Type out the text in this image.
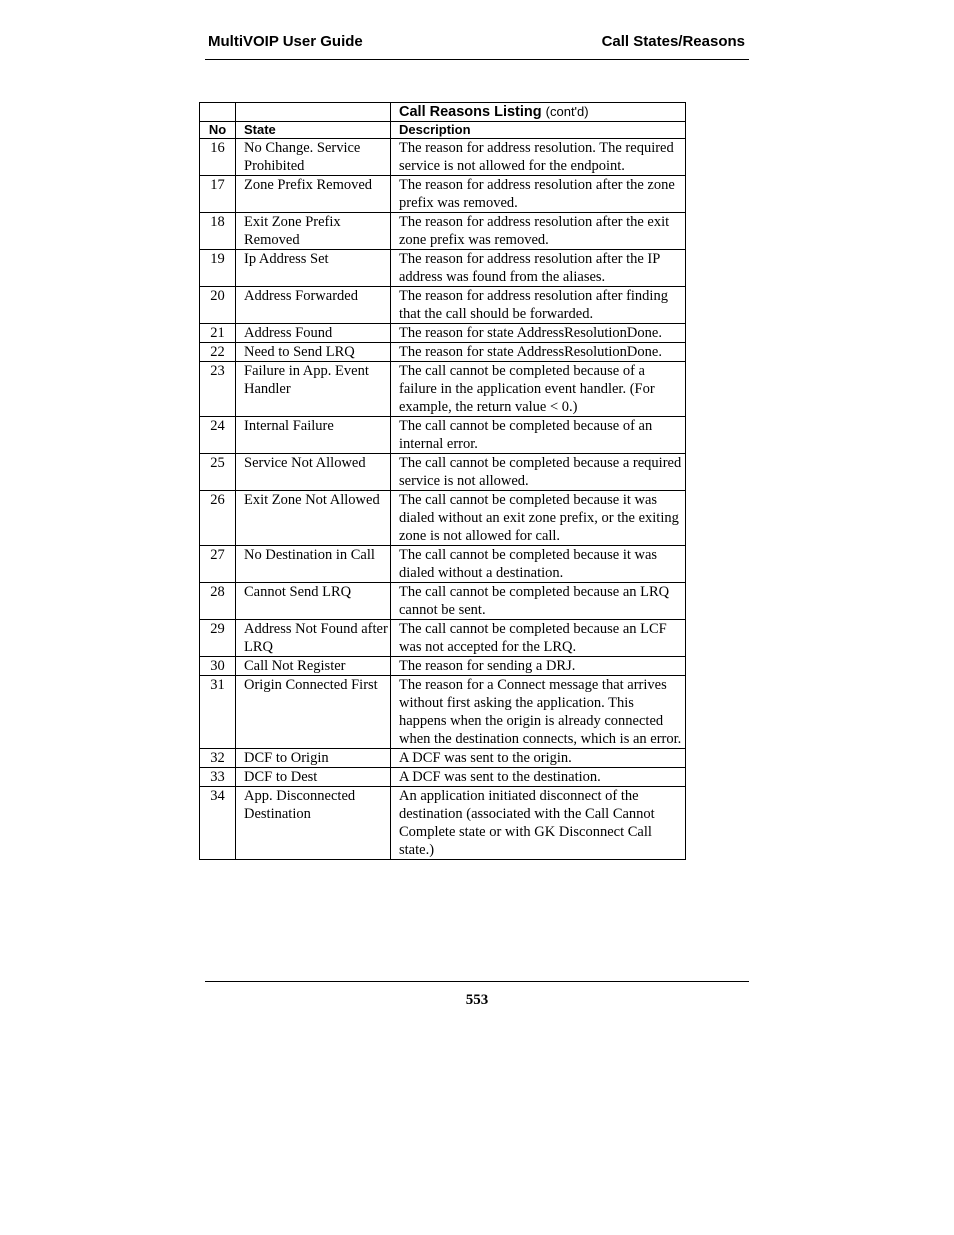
MultiVOIP User Guide	Call States/Reasons
		Call Reasons Listing (cont'd)
No	State	Description
16	No Change. Service Prohibited	The reason for address resolution. The required service is not allowed for the endpoint.
17	Zone Prefix Removed	The reason for address resolution after the zone prefix was removed.
18	Exit Zone Prefix Removed	The reason for address resolution after the exit zone prefix was removed.
19	Ip Address Set	The reason for address resolution after the IP address was found from the aliases.
20	Address Forwarded	The reason for address resolution after finding that the call should be forwarded.
21	Address Found	The reason for state AddressResolutionDone.
22	Need to Send LRQ	The reason for state AddressResolutionDone.
23	Failure in App. Event Handler	The call cannot be completed because of a failure in the application event handler. (For example, the return value < 0.)
24	Internal Failure	The call cannot be completed because of an internal error.
25	Service Not Allowed	The call cannot be completed because a required service is not allowed.
26	Exit Zone Not Allowed	The call cannot be completed because it was dialed without an exit zone prefix, or the exiting zone is not allowed for call.
27	No Destination in Call	The call cannot be completed because it was dialed without a destination.
28	Cannot Send LRQ	The call cannot be completed because an LRQ cannot be sent.
29	Address Not Found after LRQ	The call cannot be completed because an LCF was not accepted for the LRQ.
30	Call Not Register	The reason for sending a DRJ.
31	Origin Connected First	The reason for a Connect message that arrives without first asking the application. This happens when the origin is already connected when the destination connects, which is an error.
32	DCF to Origin	A DCF was sent to the origin.
33	DCF to Dest	A DCF was sent to the destination.
34	App. Disconnected Destination	An application initiated disconnect of the destination (associated with the Call Cannot Complete state or with GK Disconnect Call state.)
553
